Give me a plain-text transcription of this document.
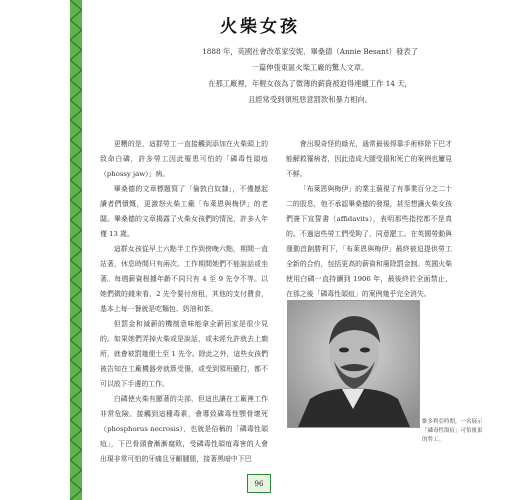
火柴女孩
1888 年，英國社會改革家安妮．畢桑德（Annie Besant）發表了
一篇伸張東區火柴工廠的驚人文章。
在那工廠裡，年輕女孩為了微薄的薪資被迫得連續工作 14 天，
且經常受到領班惡意罰款和暴力相向。

更糟的是，這群勞工一直接觸到添加在火柴頭上的致命白磷，許多勞工因此罹患可怕的「磷毒性頜疽（phossy jaw）」病。

畢桑德的文章標題寫了「倫敦白奴隸」，不僅撼起讀者們憤慨，更激怒火柴工廠「布萊恩與梅伊」的老闆。畢桑德的文章揭露了火柴女孩們的情況，許多人年僅 13 歲。

這群女孩從早上六點半工作到傍晚六點，期間一直站著，休息時間只有兩次。工作期間她們不能說話或坐著。每週薪資根據年齡不同只有 4 至 9 先令不等。以她們微的錢來看，2 先令要付房租，其他的支付費食，基本上每一餐就是吃麵包、奶油和茶。

但罰金和減薪的機制意味能拿全薪回家是很少見的。如果她們弄掉火柴或是說話，或未經允許就去上廁所，就會被罰幾便士至 1 先令。除此之外，這些女孩們被告知在工廠機器旁就算受傷，或受到領班毆打，都不可以放下手邊的工作。

白磷使火柴有顯著的尖部，但這也讓在工廠裡工作非常危險。接觸到這種毒素，會導致磷毒性顎骨壞死（phosphorus necrosis），也就是俗稱的「磷毒性頜疽」，下巴骨頭會漸漸腐敗，受磷毒性頜疽毒害的人會出現非常可怕的牙痛且牙齦腫脹，接著黑暗中下巴

會出現奇怪的綠光，通常最後得靠手術移除下巴才能解救罹病者，因此造成大腿受損和死亡的案例也屢見不鮮。

「布萊恩與梅伊」的業主藐視了有事業百分之二十二的股息，他不承認畢桑德的發現，甚至想讓火柴女孩們簽下宣誓書（affidavits），表明那些指控都不是真的。不過這些勞工們受夠了，同意罷工。在英國勞動與運動首創勝利下，「布萊恩與梅伊」最終被迫提供勞工全新的合約，包括更高的薪資和廢除罰金制。英國火柴使用白磷一直持續到 1906 年，最後終於全面禁止，在那之後「磷毒性頜疽」的案例幾乎完全消失。

維多利亞時期，一名展示「磷毒性頜疽」可怕後果的勞工。
96
